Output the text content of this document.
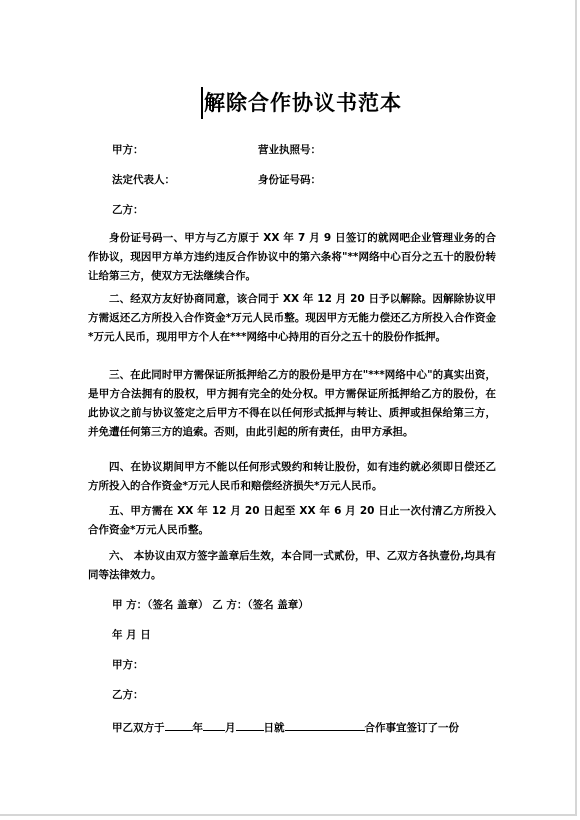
解除合作协议书范本
甲方：	营业执照号：
法定代表人：	身份证号码：
乙方：
身份证号码一、甲方与乙方原于 XX 年 7 月 9 日签订的就网吧企业管理业务的合作协议，现因甲方单方违约违反合作协议中的第六条将"**网络中心百分之五十的股份转让给第三方，使双方无法继续合作。
二、经双方友好协商同意，该合同于 XX 年 12 月 20 日予以解除。因解除协议甲方需返还乙方所投入合作资金*万元人民币整。现因甲方无能力偿还乙方所投入合作资金*万元人民币，现用甲方个人在***网络中心持用的百分之五十的股份作抵押。
三、在此同时甲方需保证所抵押给乙方的股份是甲方在"***网络中心"的真实出资，是甲方合法拥有的股权，甲方拥有完全的处分权。甲方需保证所抵押给乙方的股份，在此协议之前与协议签定之后甲方不得在以任何形式抵押与转让、质押或担保给第三方，并免遭任何第三方的追索。否则，由此引起的所有责任，由甲方承担。
四、在协议期间甲方不能以任何形式毁约和转让股份，如有违约就必须即日偿还乙方所投入的合作资金*万元人民币和赔偿经济损失*万元人民币。
五、甲方需在 XX 年 12 月 20 日起至 XX 年 6 月 20 日止一次付清乙方所投入合作资金*万元人民币整。
六、 本协议由双方签字盖章后生效，本合同一式贰份，甲、乙双方各执壹份,均具有同等法律效力。
甲 方：（签名 盖章） 乙 方：（签名 盖章）
年 月 日
甲方：
乙方：
甲乙双方于	年 月	日就	合作事宜签订了一份
